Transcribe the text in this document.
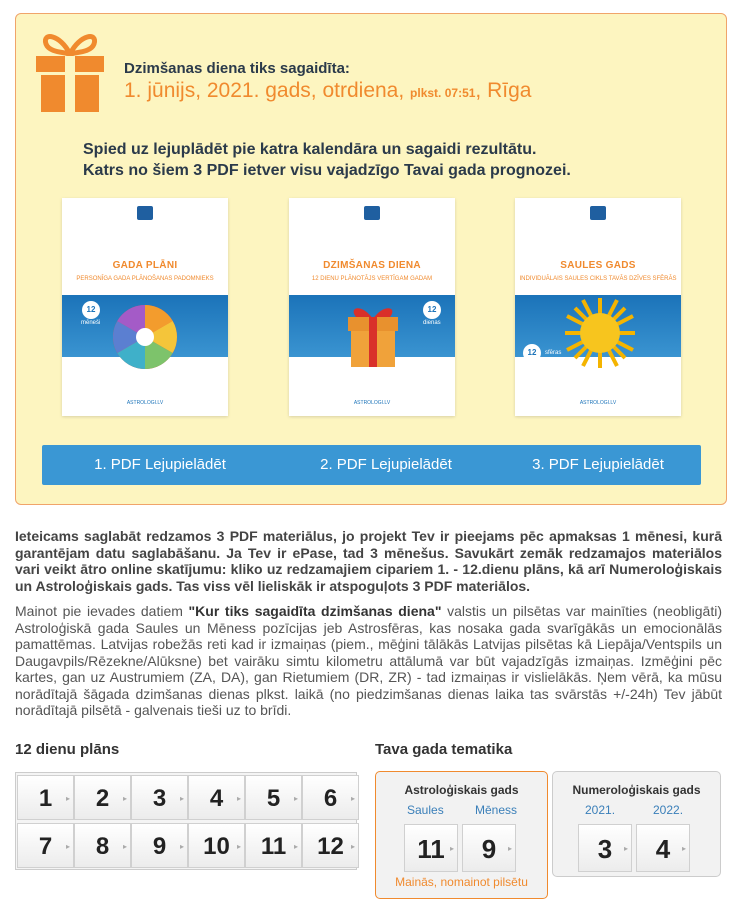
Dzimšanas diena tiks sagaidīta:
1. jūnijs, 2021. gads, otrdiena, plkst. 07:51, Rīga
Spied uz lejuplādēt pie katra kalendāra un sagaidi rezultātu.
Katrs no šiem 3 PDF ietver visu vajadzīgo Tavai gada prognozei.
GADA PLĀNI
PERSONĪGA GADA PLĀNOŠANAS PADOMNIEKS
12
mēneši
ASTROLOGI.LV
DZIMŠANAS DIENA
12 DIENU PLĀNOTĀJS VERTĪGAM GADAM
12
dienas
ASTROLOGI.LV
SAULES GADS
INDIVIDUĀLAIS SAULES CIKLS TAVĀS DZĪVES SFĒRĀS
12	sfēras
ASTROLOGI.LV
1. PDF Lejupielādēt	2. PDF Lejupielādēt	3. PDF Lejupielādēt
Ieteicams saglabāt redzamos 3 PDF materiālus, jo projekt Tev ir pieejams pēc apmaksas 1 mēnesi, kurā garantējam datu saglabāšanu. Ja Tev ir ePase, tad 3 mēnešus. Savukārt zemāk redzamajos materiālos vari veikt ātro online skatījumu: kliko uz redzamajiem cipariem 1. - 12.dienu plāns, kā arī Numeroloģiskais un Astroloģiskais gads. Tas viss vēl lieliskāk ir atspoguļots 3 PDF materiālos.
Mainot pie ievades datiem "Kur tiks sagaidīta dzimšanas diena" valstis un pilsētas var mainīties (neobligāti) Astroloģiskā gada Saules un Mēness pozīcijas jeb Astrosfēras, kas nosaka gada svarīgākās un emocionālās pamattēmas. Latvijas robežās reti kad ir izmaiņas (piem., mēģini tālākās Latvijas pilsētas kā Liepāja/Ventspils un Daugavpils/Rēzekne/Alūksne) bet vairāku simtu kilometru attālumā var būt vajadzīgās izmaiņas. Izmēģini pēc kartes, gan uz Austrumiem (ZA, DA), gan Rietumiem (DR, ZR) - tad izmaiņas ir vislielākās. Ņem vērā, ka mūsu norādītajā šāgada dzimšanas dienas plkst. laikā (no piedzimšanas dienas laika tas svārstās +/-24h) Tev jābūt norādītajā pilsētā - galvenais tieši uz to brīdi.
12 dienu plāns	Tava gada tematika
1 ▸	2 ▸	3 ▸	4 ▸	5 ▸	6 ▸
7 ▸	8 ▸	9 ▸ 10 ▸ 11 ▸ 12 ▸
Astroloģiskais gads
Saules	Mēness
11 ▸	9 ▸
Mainās, nomainot pilsētu
Numeroloģiskais gads
2021.	2022.
3 ▸	4 ▸
